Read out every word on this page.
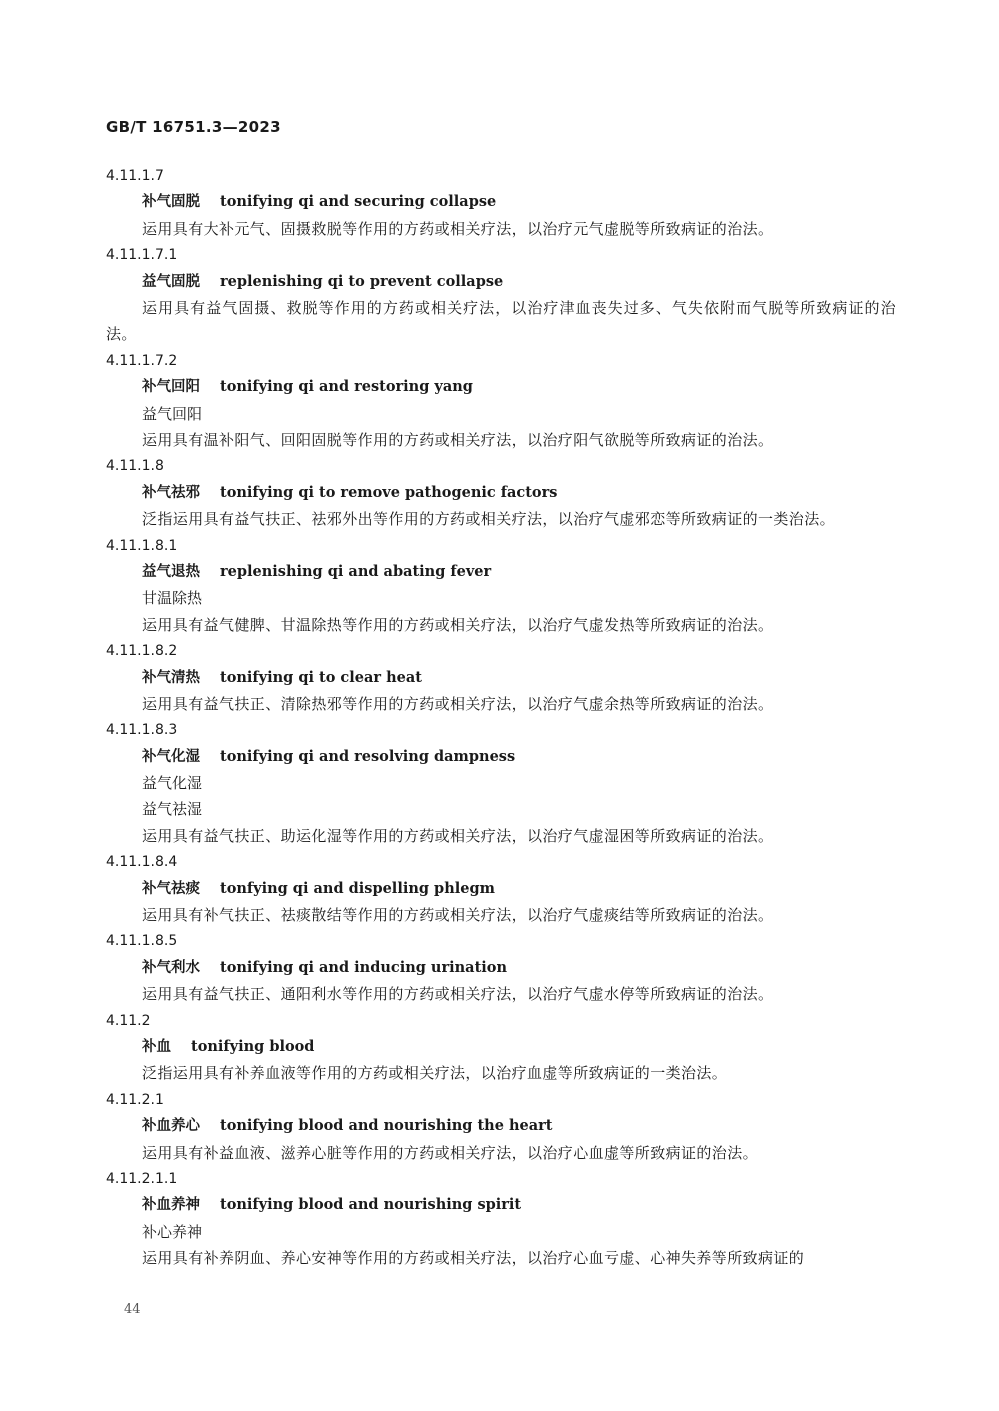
GB/T 16751.3—2023
4.11.1.7
补气固脱 tonifying qi and securing collapse
运用具有大补元气、固摄救脱等作用的方药或相关疗法，以治疗元气虚脱等所致病证的治法。
4.11.1.7.1
益气固脱 replenishing qi to prevent collapse
运用具有益气固摄、救脱等作用的方药或相关疗法，以治疗津血丧失过多、气失依附而气脱等所致病证的治法。
4.11.1.7.2
补气回阳 tonifying qi and restoring yang
益气回阳
运用具有温补阳气、回阳固脱等作用的方药或相关疗法，以治疗阳气欲脱等所致病证的治法。
4.11.1.8
补气祛邪 tonifying qi to remove pathogenic factors
泛指运用具有益气扶正、祛邪外出等作用的方药或相关疗法，以治疗气虚邪恋等所致病证的一类治法。
4.11.1.8.1
益气退热 replenishing qi and abating fever
甘温除热
运用具有益气健脾、甘温除热等作用的方药或相关疗法，以治疗气虚发热等所致病证的治法。
4.11.1.8.2
补气清热 tonifying qi to clear heat
运用具有益气扶正、清除热邪等作用的方药或相关疗法，以治疗气虚余热等所致病证的治法。
4.11.1.8.3
补气化湿 tonifying qi and resolving dampness
益气化湿
益气祛湿
运用具有益气扶正、助运化湿等作用的方药或相关疗法，以治疗气虚湿困等所致病证的治法。
4.11.1.8.4
补气祛痰 tonfying qi and dispelling phlegm
运用具有补气扶正、祛痰散结等作用的方药或相关疗法，以治疗气虚痰结等所致病证的治法。
4.11.1.8.5
补气利水 tonifying qi and inducing urination
运用具有益气扶正、通阳利水等作用的方药或相关疗法，以治疗气虚水停等所致病证的治法。
4.11.2
补血 tonifying blood
泛指运用具有补养血液等作用的方药或相关疗法，以治疗血虚等所致病证的一类治法。
4.11.2.1
补血养心 tonifying blood and nourishing the heart
运用具有补益血液、滋养心脏等作用的方药或相关疗法，以治疗心血虚等所致病证的治法。
4.11.2.1.1
补血养神 tonifying blood and nourishing spirit
补心养神
运用具有补养阴血、养心安神等作用的方药或相关疗法，以治疗心血亏虚、心神失养等所致病证的
44
